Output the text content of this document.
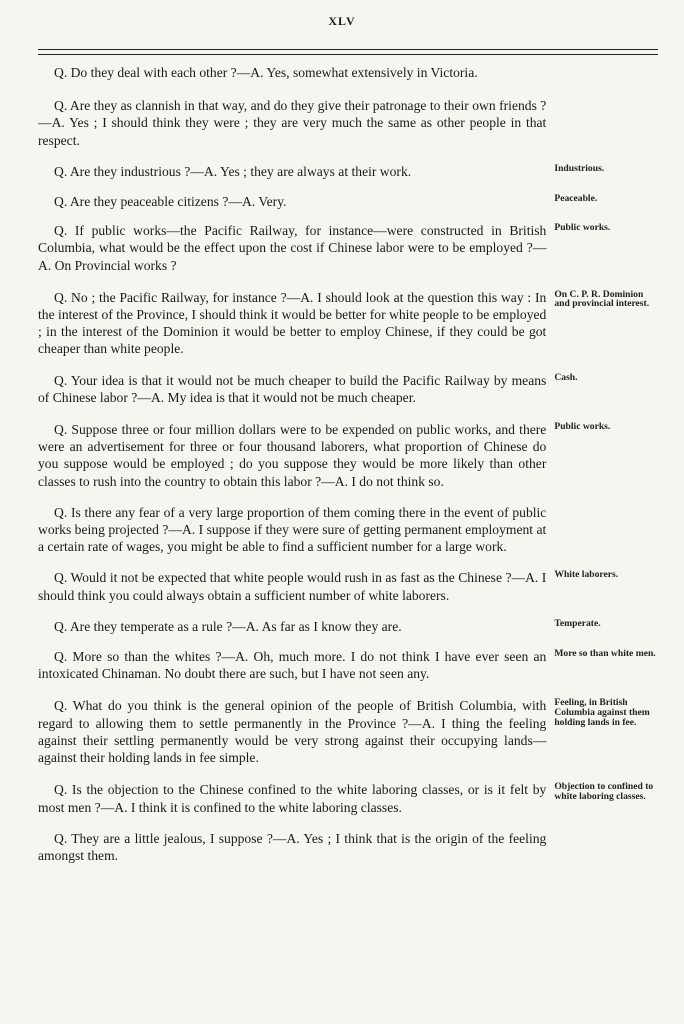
XLV
Q. Do they deal with each other ?—A. Yes, somewhat extensively in Victoria.
Q. Are they as clannish in that way, and do they give their patronage to their own friends ?—A. Yes ; I should think they were ; they are very much the same as other people in that respect.
Q. Are they industrious ?—A. Yes ; they are always at their work.	Industrious.
Q. Are they peaceable citizens ?—A. Very.	Peaceable.
Q. If public works—the Pacific Railway, for instance—were constructed in British Columbia, what would be the effect upon the cost if Chinese labor were to be employed ?—A. On Provincial works ?
Public works.
Q. No ; the Pacific Railway, for instance ?—A. I should look at the question this way : In the interest of the Province, I should think it would be better for white people to be employed ; in the interest of the Dominion it would be better to employ Chinese, if they could be got cheaper than white people.
On C. P. R. Dominion and provincial interest.
Q. Your idea is that it would not be much cheaper to build the Pacific Railway by means of Chinese labor ?—A. My idea is that it would not be much cheaper.
Cash.
Q. Suppose three or four million dollars were to be expended on public works, and there were an advertisement for three or four thousand laborers, what proportion of Chinese do you suppose would be employed ; do you suppose they would be more likely than other classes to rush into the country to obtain this labor ?—A. I do not think so.
Public works.
Q. Is there any fear of a very large proportion of them coming there in the event of public works being projected ?—A. I suppose if they were sure of getting permanent employment at a certain rate of wages, you might be able to find a sufficient number for a large work.
Q. Would it not be expected that white people would rush in as fast as the Chinese ?—A. I should think you could always obtain a sufficient number of white laborers.
White laborers.
Q. Are they temperate as a rule ?—A. As far as I know they are.	Temperate.
Q. More so than the whites ?—A. Oh, much more. I do not think I have ever seen an intoxicated Chinaman. No doubt there are such, but I have not seen any.
More so than white men.
Q. What do you think is the general opinion of the people of British Columbia, with regard to allowing them to settle permanently in the Province ?—A. I thing the feeling against their settling permanently would be very strong against their occupying lands—against their holding lands in fee simple.
Feeling, in British Columbia against them holding lands in fee.
Q. Is the objection to the Chinese confined to the white laboring classes, or is it felt by most men ?—A. I think it is confined to the white laboring classes.
Objection to confined to white laboring classes.
Q. They are a little jealous, I suppose ?—A. Yes ; I think that is the origin of the feeling amongst them.
